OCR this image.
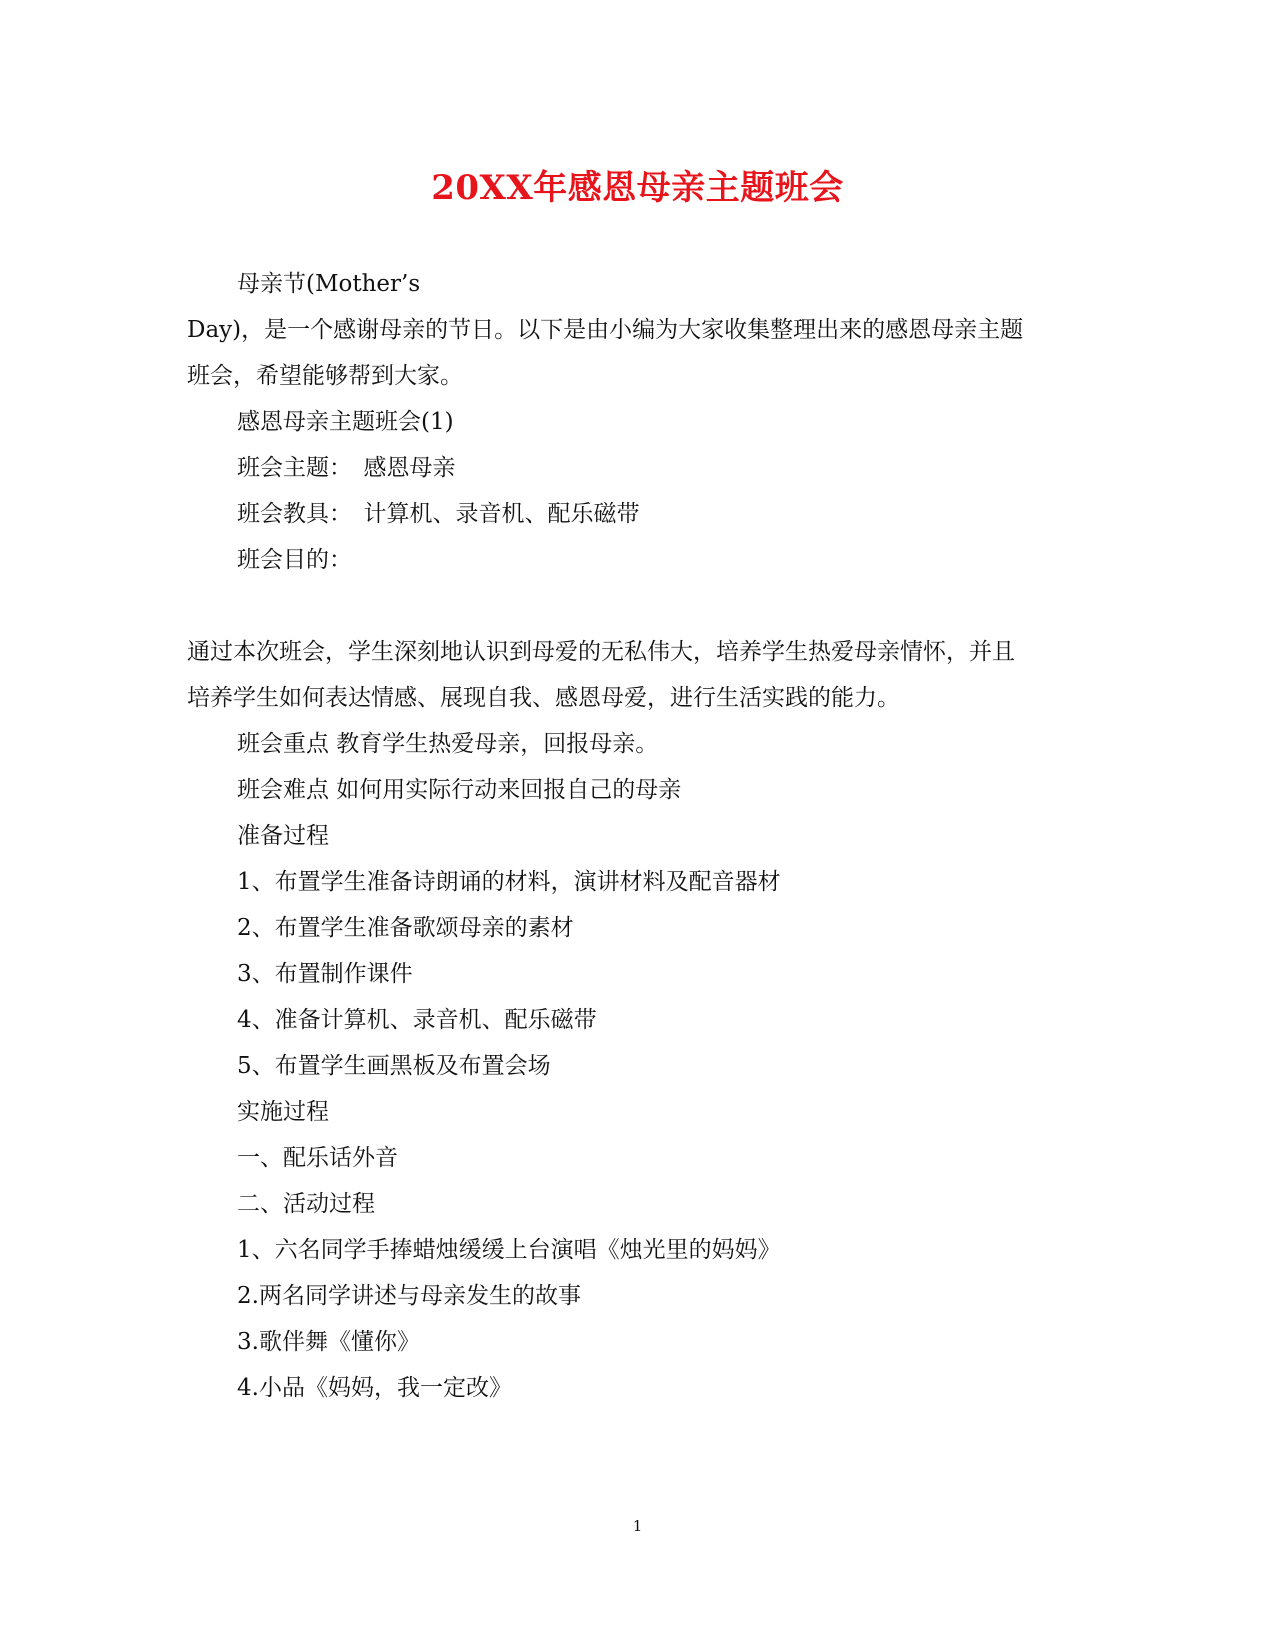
20XX年感恩母亲主题班会
母亲节(Mother’s
Day)，是一个感谢母亲的节日。以下是由小编为大家收集整理出来的感恩母亲主题
班会，希望能够帮到大家。
感恩母亲主题班会(1)
班会主题：　感恩母亲
班会教具：　计算机、录音机、配乐磁带
班会目的：
通过本次班会，学生深刻地认识到母爱的无私伟大，培养学生热爱母亲情怀，并且
培养学生如何表达情感、展现自我、感恩母爱，进行生活实践的能力。
班会重点 教育学生热爱母亲，回报母亲。
班会难点 如何用实际行动来回报自己的母亲
准备过程
1、布置学生准备诗朗诵的材料，演讲材料及配音器材
2、布置学生准备歌颂母亲的素材
3、布置制作课件
4、准备计算机、录音机、配乐磁带
5、布置学生画黑板及布置会场
实施过程
一、配乐话外音
二、活动过程
1、六名同学手捧蜡烛缓缓上台演唱《烛光里的妈妈》
2.两名同学讲述与母亲发生的故事
3.歌伴舞《懂你》
4.小品《妈妈，我一定改》
1
